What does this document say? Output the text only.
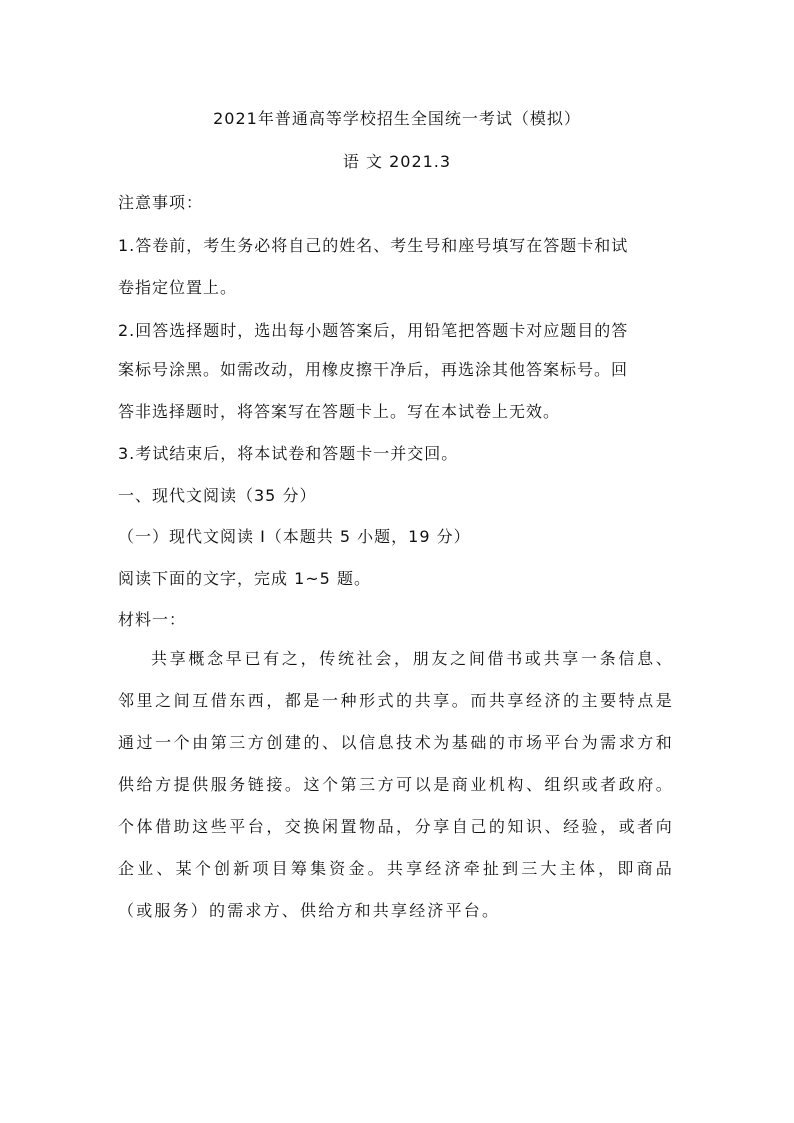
2021年普通高等学校招生全国统一考试（模拟）
语 文 2021.3
注意事项：
1.答卷前，考生务必将自己的姓名、考生号和座号填写在答题卡和试
卷指定位置上。
2.回答选择题时，选出每小题答案后，用铅笔把答题卡对应题目的答
案标号涂黑。如需改动，用橡皮擦干净后，再选涂其他答案标号。回
答非选择题时，将答案写在答题卡上。写在本试卷上无效。
3.考试结束后，将本试卷和答题卡一并交回。
一、现代文阅读（35 分）
（一）现代文阅读 I（本题共 5 小题，19 分）
阅读下面的文字，完成 1~5 题。
材料一：

共享概念早已有之，传统社会，朋友之间借书或共享一条信息、邻里之间互借东西，都是一种形式的共享。而共享经济的主要特点是通过一个由第三方创建的、以信息技术为基础的市场平台为需求方和供给方提供服务链接。这个第三方可以是商业机构、组织或者政府。个体借助这些平台，交换闲置物品，分享自己的知识、经验，或者向企业、某个创新项目筹集资金。共享经济牵扯到三大主体，即商品（或服务）的需求方、供给方和共享经济平台。
